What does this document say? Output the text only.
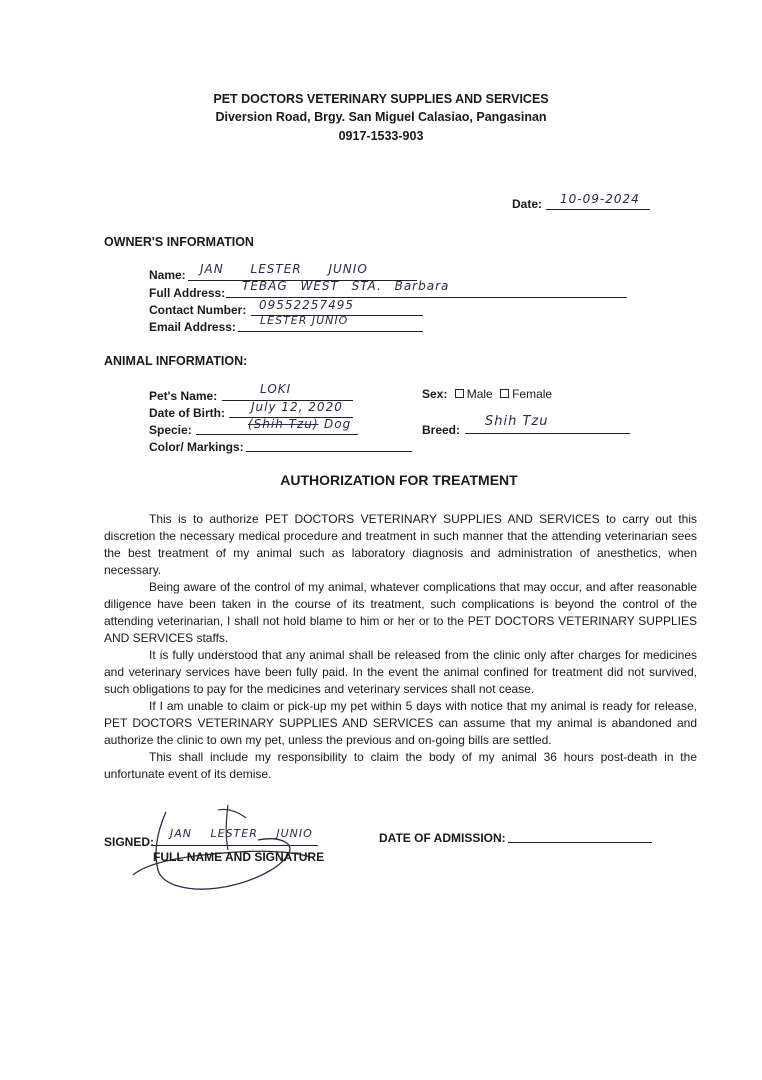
PET DOCTORS VETERINARY SUPPLIES AND SERVICES
Diversion Road, Brgy. San Miguel Calasiao, Pangasinan
0917-1533-903
Date: 10-09-2024
OWNER'S INFORMATION
Name: JAN LESTER JUNIO
Full Address: TEBAG WEST STA. Barbara
Contact Number: 09552257495
Email Address: LESTER JUNIO
ANIMAL INFORMATION:
Pet's Name:	LOKI
Date of Birth: July 12, 2020
Specie:	(Shih Tzu) Dog
Color/ Markings:
Sex: Male Female
Breed:
Shih Tzu
AUTHORIZATION FOR TREATMENT

This is to authorize PET DOCTORS VETERINARY SUPPLIES AND SERVICES to carry out this discretion the necessary medical procedure and treatment in such manner that the attending veterinarian sees the best treatment of my animal such as laboratory diagnosis and administration of anesthetics, when necessary.

Being aware of the control of my animal, whatever complications that may occur, and after reasonable diligence have been taken in the course of its treatment, such complications is beyond the control of the attending veterinarian, I shall not hold blame to him or her or to the PET DOCTORS VETERINARY SUPPLIES AND SERVICES staffs.

It is fully understood that any animal shall be released from the clinic only after charges for medicines and veterinary services have been fully paid. In the event the animal confined for treatment did not survived, such obligations to pay for the medicines and veterinary services shall not cease.

If I am unable to claim or pick-up my pet within 5 days with notice that my animal is ready for release, PET DOCTORS VETERINARY SUPPLIES AND SERVICES can assume that my animal is abandoned and authorize the clinic to own my pet, unless the previous and on-going bills are settled.

This shall include my responsibility to claim the body of my animal 36 hours post-death in the unfortunate event of its demise.

SIGNED:
JAN LESTER JUNIO
FULL NAME AND SIGNATURE
DATE OF ADMISSION:
